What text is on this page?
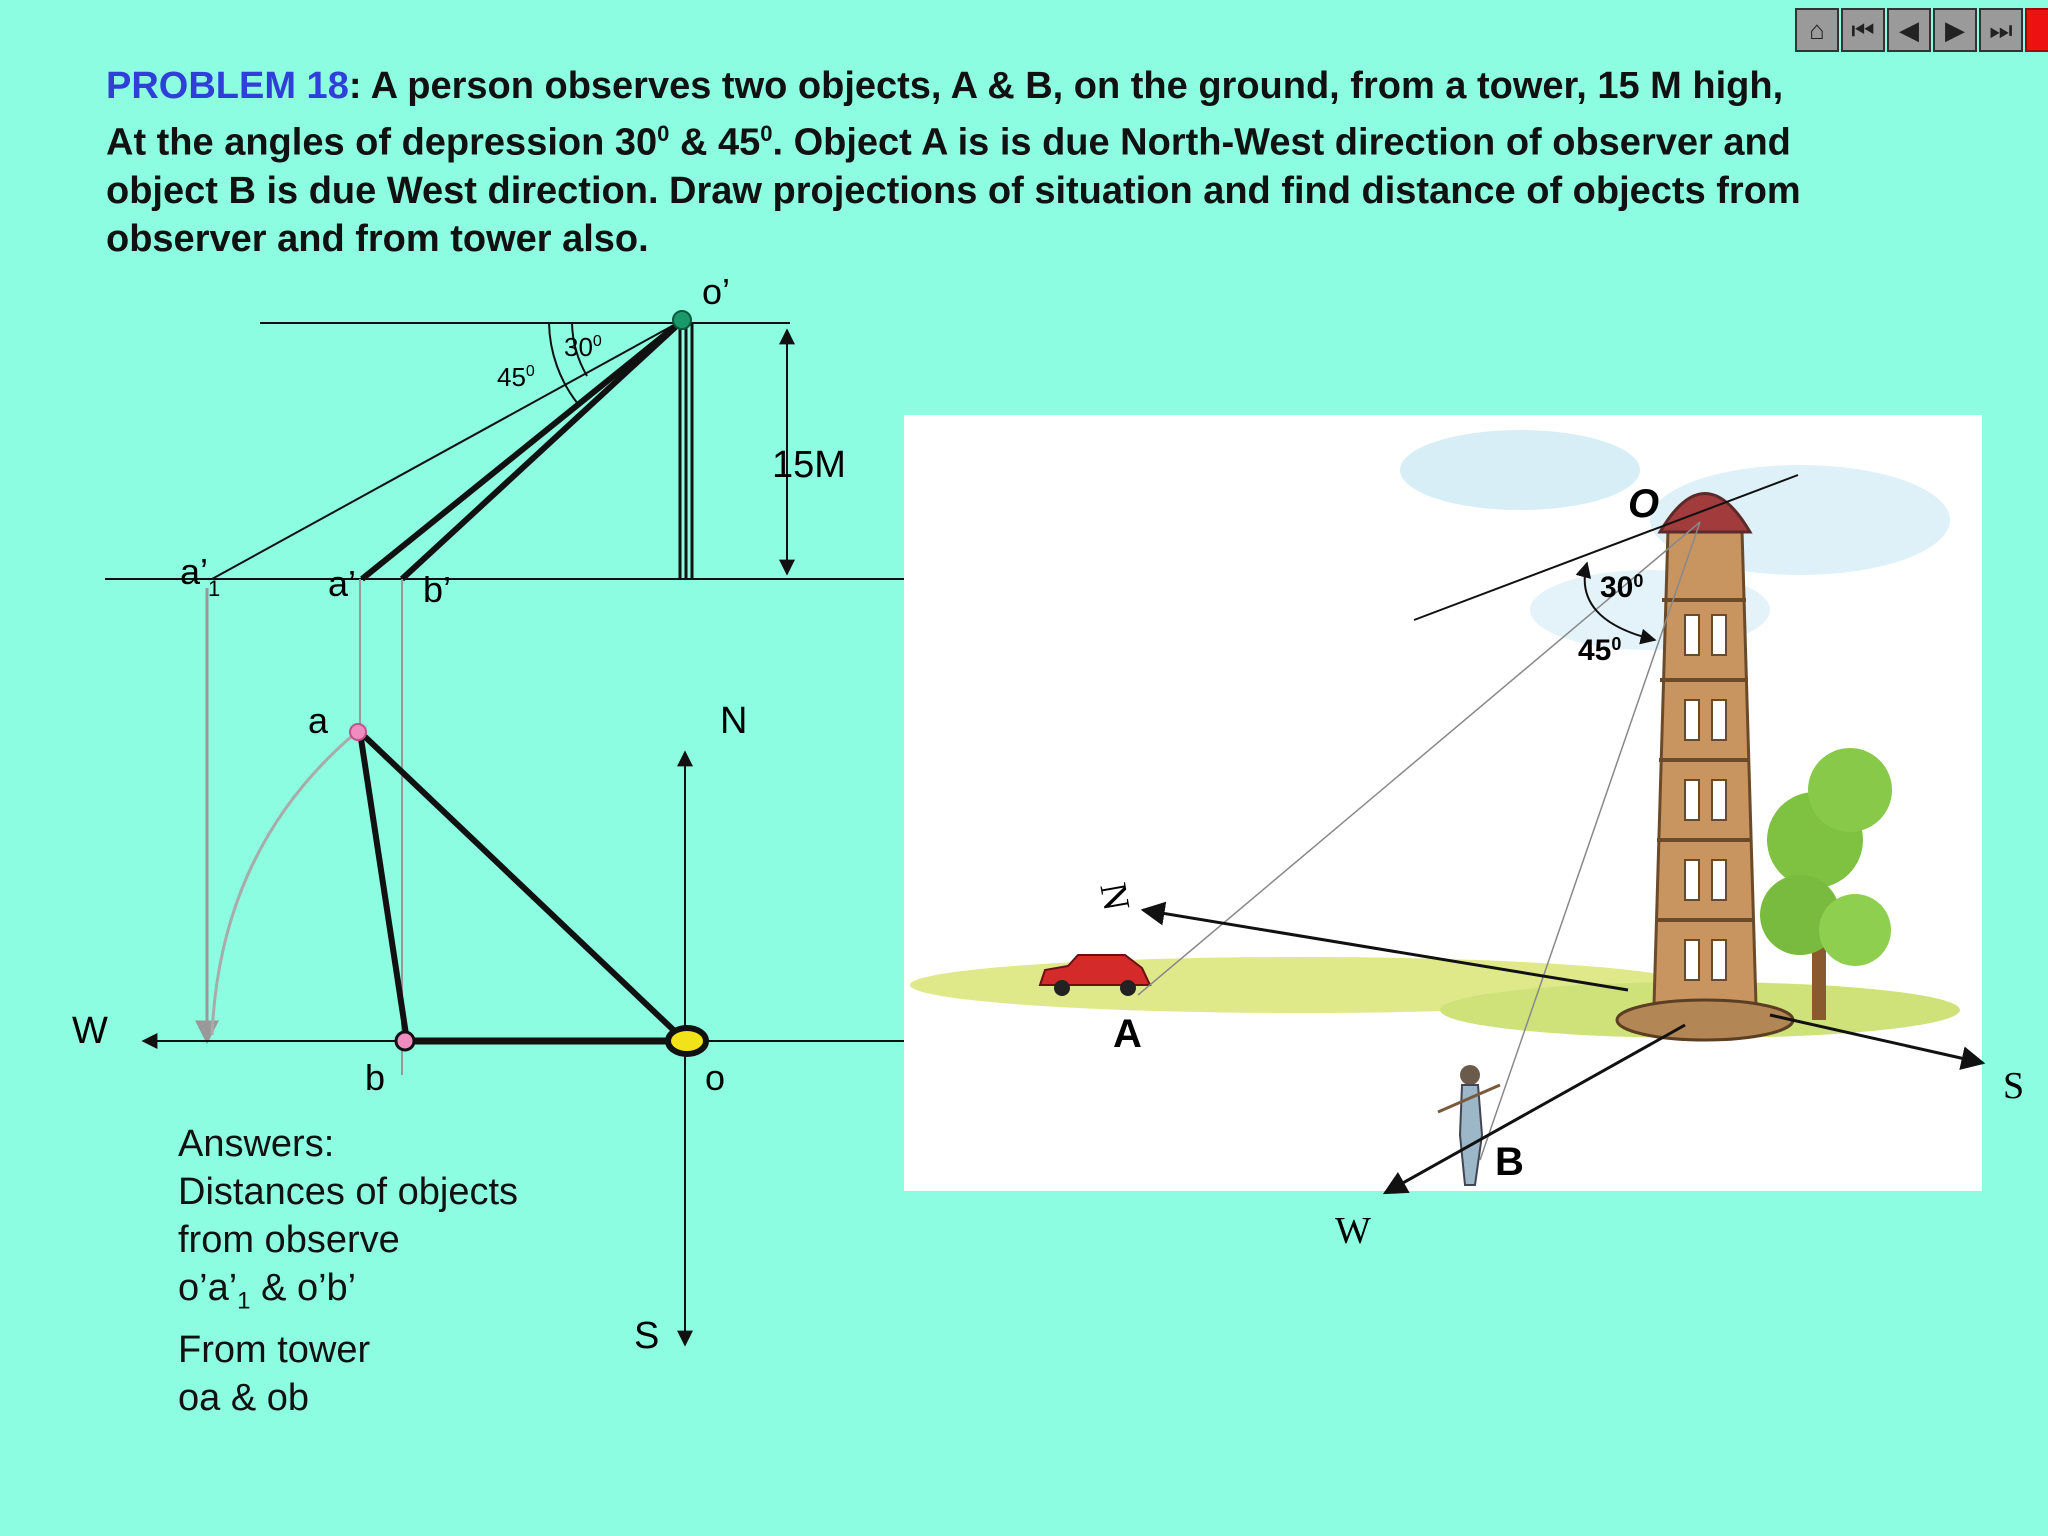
PROBLEM 18: A person observes two objects, A & B, on the ground, from a tower, 15 M high,
At the angles of depression $30^0$ & $45^0$. Object A is is due North-West direction of observer and
object B is due West direction. Draw projections of situation and find distance of objects from
observer and from tower also.
⌂	⏮ ◀	▶ ⏭
$30^0$
$45^0$
o’
15M
$a’_1$	a’ b’
a
b	o
N
S
W
$30^0$
$45^0$
O
N
A
B
W
S
Answers:
Distances of objects
from observe
$o’a’_1$ & o’b’
From tower
oa & ob
